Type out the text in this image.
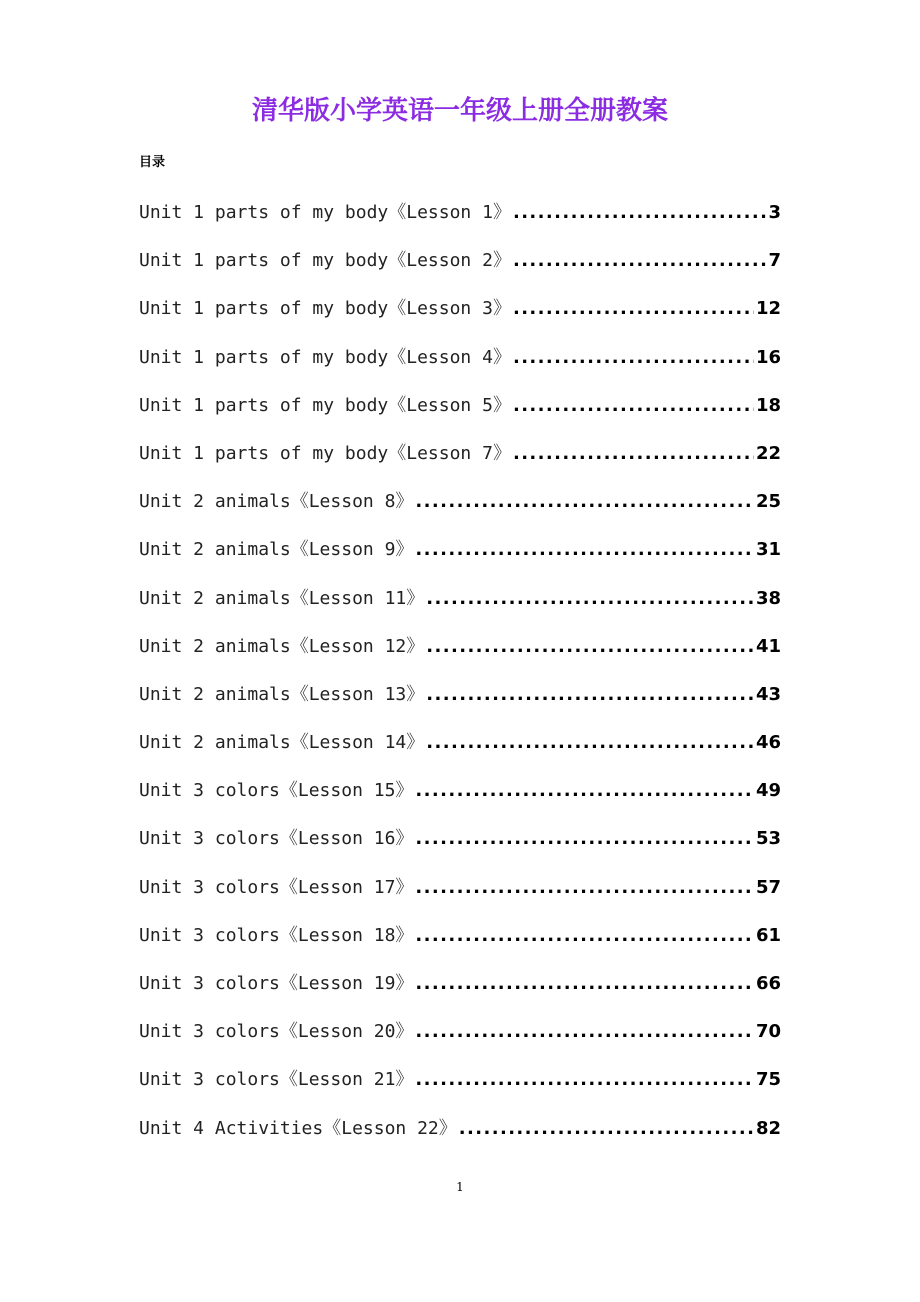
清华版小学英语一年级上册全册教案
目录
Unit 1 parts of my body《Lesson 1》 .....	3
Unit 1 parts of my body《Lesson 2》 .....	7
Unit 1 parts of my body《Lesson 3》 .....	12
Unit 1 parts of my body《Lesson 4》 .....	16
Unit 1 parts of my body《Lesson 5》 .....	18
Unit 1 parts of my body《Lesson 7》 .....	22
Unit 2 animals《Lesson 8》 .....	25
Unit 2 animals《Lesson 9》 .....	31
Unit 2 animals《Lesson 11》 .....	38
Unit 2 animals《Lesson 12》 .....	41
Unit 2 animals《Lesson 13》 .....	43
Unit 2 animals《Lesson 14》 .....	46
Unit 3 colors《Lesson 15》 .....	49
Unit 3 colors《Lesson 16》 .....	53
Unit 3 colors《Lesson 17》 .....	57
Unit 3 colors《Lesson 18》 .....	61
Unit 3 colors《Lesson 19》 .....	66
Unit 3 colors《Lesson 20》 .....	70
Unit 3 colors《Lesson 21》 .....	75
Unit 4 Activities《Lesson 22》 .....	82
1
